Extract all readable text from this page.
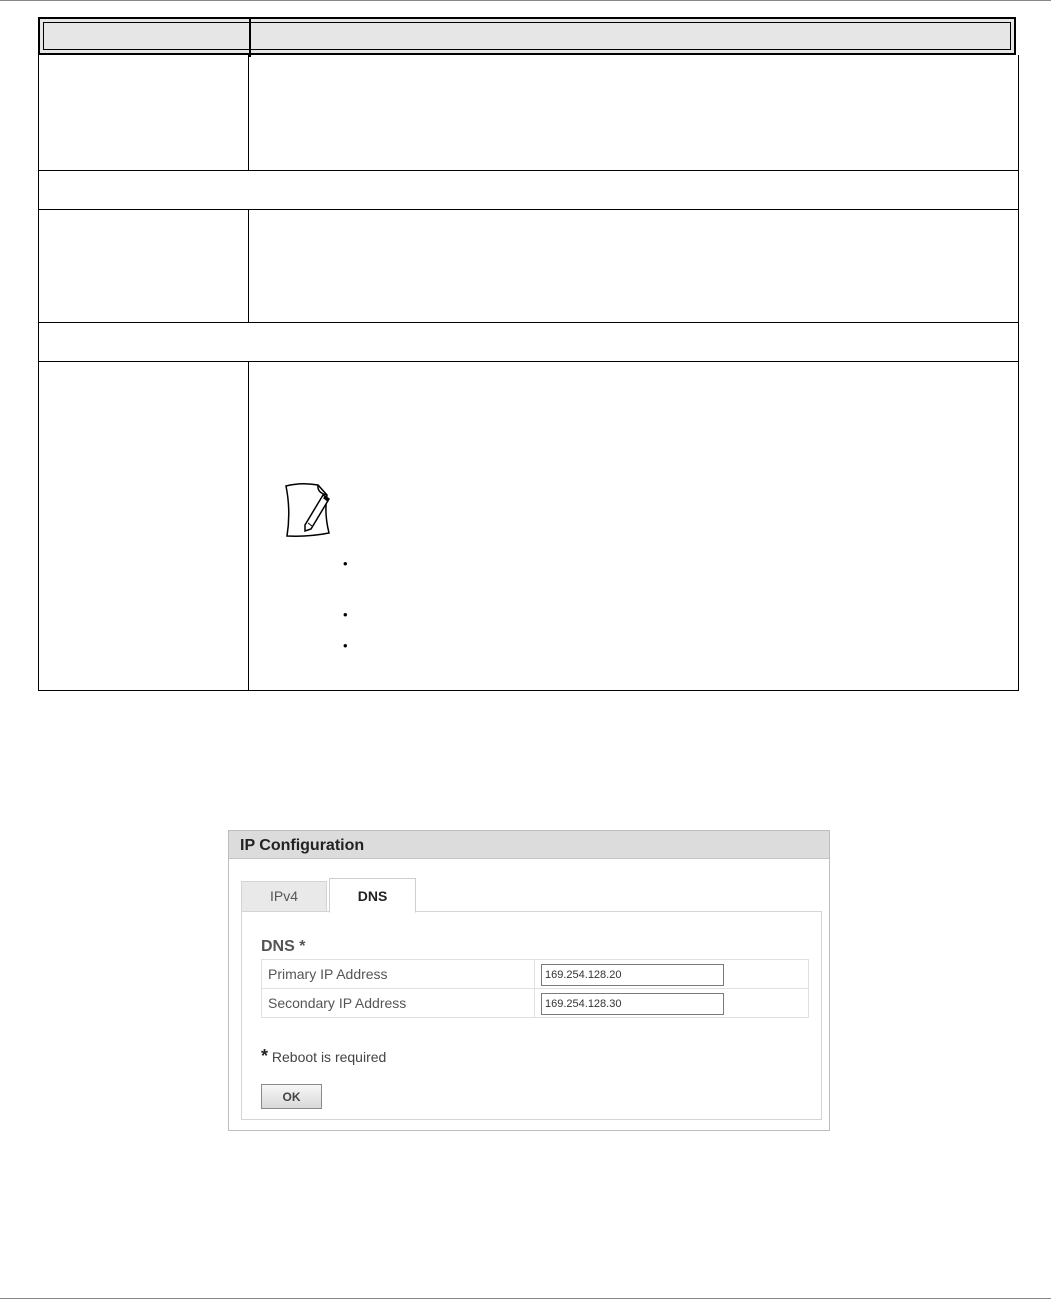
•
•
•
IP Configuration
IPv4	DNS
DNS *
Primary IP Address
169.254.128.20
Secondary IP Address
169.254.128.30
* Reboot is required
OK
